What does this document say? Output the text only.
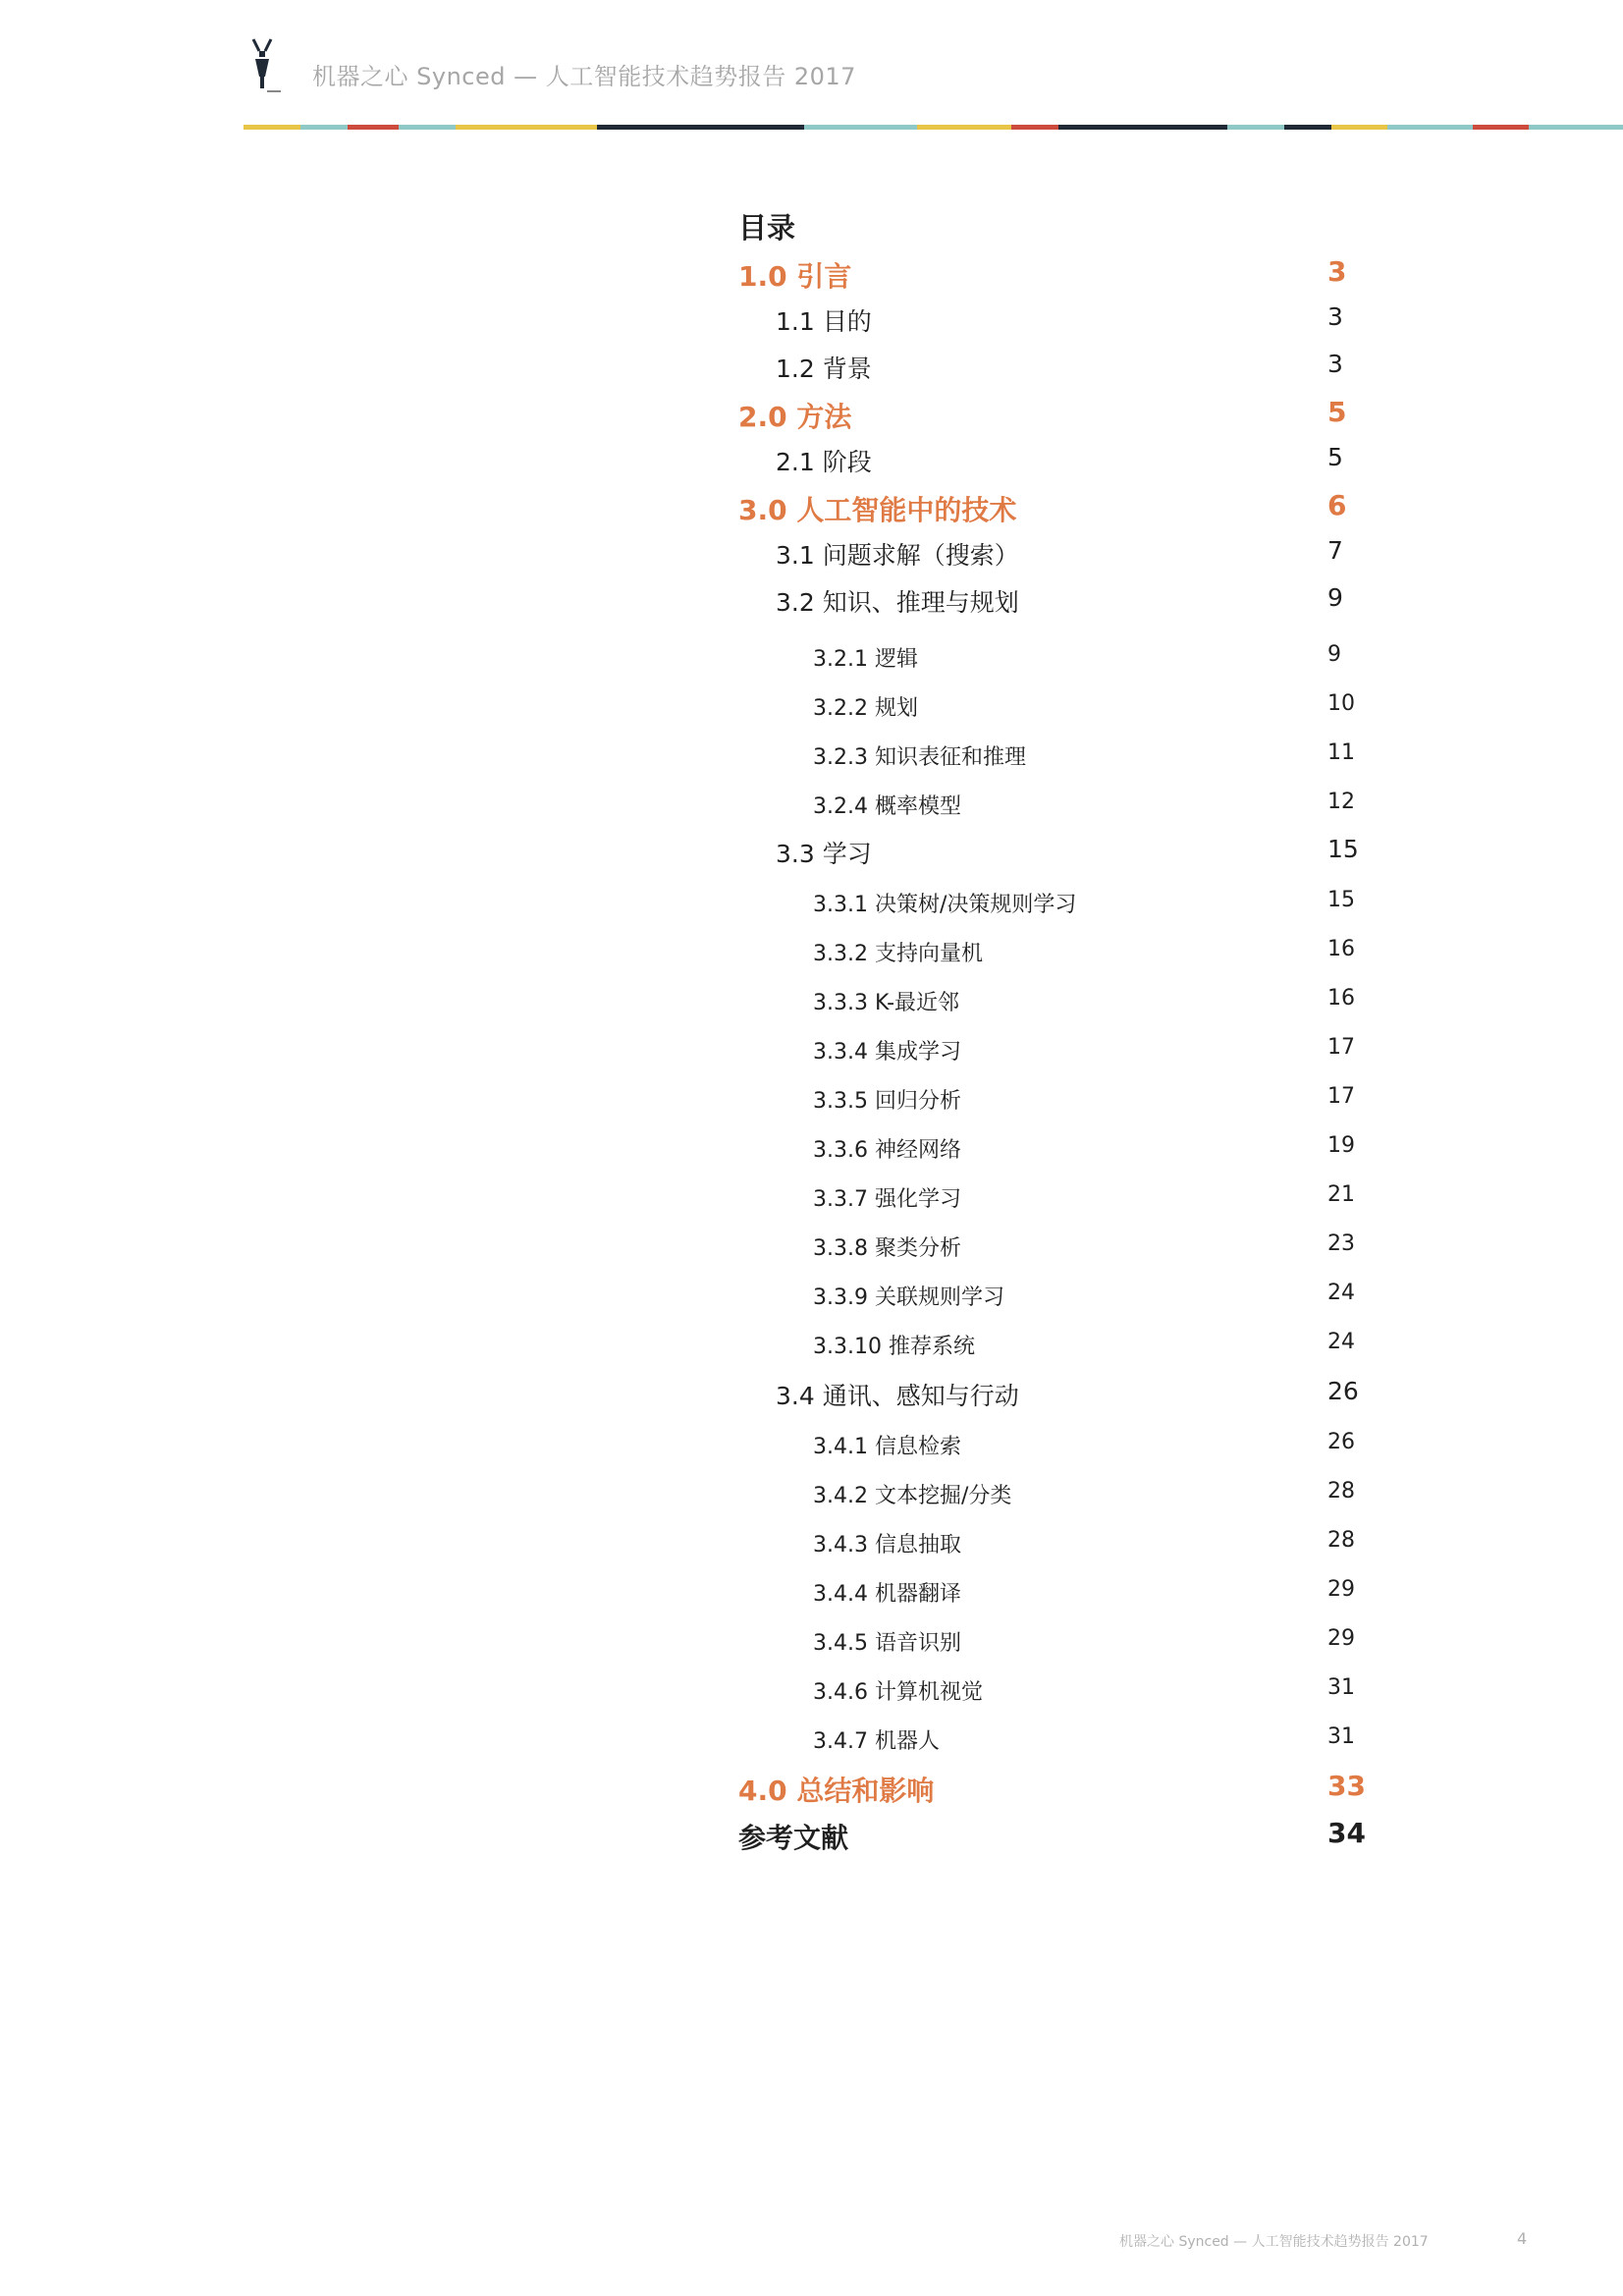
机器之心 Synced — 人工智能技术趋势报告 2017
目录
1.0 引言	3
1.1 目的	3
1.2 背景	3
2.0 方法	5
2.1 阶段	5
3.0 人工智能中的技术	6
3.1 问题求解（搜索）	7
3.2 知识、推理与规划	9
3.2.1 逻辑	9
3.2.2 规划	10
3.2.3 知识表征和推理	11
3.2.4 概率模型	12
3.3 学习	15
3.3.1 决策树/决策规则学习	15
3.3.2 支持向量机	16
3.3.3 K-最近邻	16
3.3.4 集成学习	17
3.3.5 回归分析	17
3.3.6 神经网络	19
3.3.7 强化学习	21
3.3.8 聚类分析	23
3.3.9 关联规则学习	24
3.3.10 推荐系统	24
3.4 通讯、感知与行动	26
3.4.1 信息检索	26
3.4.2 文本挖掘/分类	28
3.4.3 信息抽取	28
3.4.4 机器翻译	29
3.4.5 语音识别	29
3.4.6 计算机视觉	31
3.4.7 机器人	31
4.0 总结和影响	33
参考文献	34
机器之心 Synced — 人工智能技术趋势报告 2017	4
